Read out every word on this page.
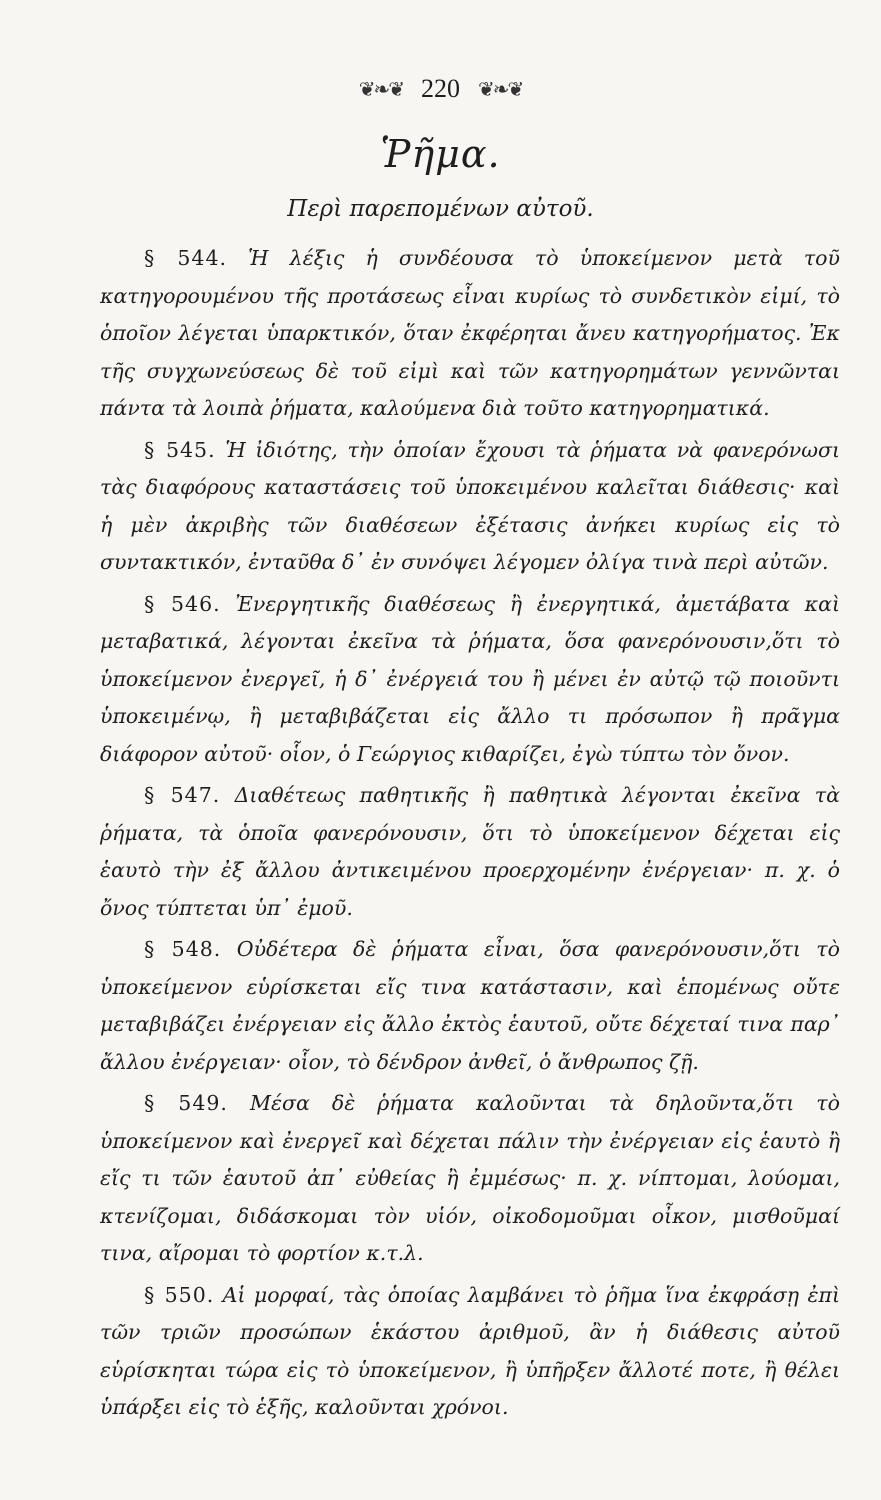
❦❧❦ 220 ❦❧❦
Ῥῆμα.
Περὶ παρεπομένων αὐτοῦ.

§ 544. Ἡ λέξις ἡ συνδέουσα τὸ ὑποκείμενον μετὰ τοῦ κατηγορουμένου τῆς προτάσεως εἶναι κυρίως τὸ συνδετικὸν εἰμί, τὸ ὁποῖον λέγεται ὑπαρκτικόν, ὅταν ἐκφέρηται ἄνευ κατηγορήματος. Ἐκ τῆς συγχωνεύσεως δὲ τοῦ εἰμὶ καὶ τῶν κατηγορημάτων γεννῶνται πάντα τὰ λοιπὰ ῥήματα, καλούμενα διὰ τοῦτο κατηγορηματικά.

§ 545. Ἡ ἰδιότης, τὴν ὁποίαν ἔχουσι τὰ ῥήματα νὰ φανερόνωσι τὰς διαφόρους καταστάσεις τοῦ ὑποκειμένου καλεῖται διάθεσις· καὶ ἡ μὲν ἀκριβὴς τῶν διαθέσεων ἐξέτασις ἀνήκει κυρίως εἰς τὸ συντακτικόν, ἐνταῦθα δ᾽ ἐν συνόψει λέγομεν ὀλίγα τινὰ περὶ αὐτῶν.

§ 546. Ἐνεργητικῆς διαθέσεως ἢ ἐνεργητικά, ἀμετάβατα καὶ μεταβατικά, λέγονται ἐκεῖνα τὰ ῥήματα, ὅσα φανερόνουσιν,ὅτι τὸ ὑποκείμενον ἐνεργεῖ, ἡ δ᾽ ἐνέργειά του ἢ μένει ἐν αὐτῷ τῷ ποιοῦντι ὑποκειμένῳ, ἢ μεταβιβάζεται εἰς ἄλλο τι πρόσωπον ἢ πρᾶγμα διάφορον αὐτοῦ· οἷον, ὁ Γεώργιος κιθαρίζει, ἐγὼ τύπτω τὸν ὄνον.

§ 547. Διαθέτεως παθητικῆς ἢ παθητικὰ λέγονται ἐκεῖνα τὰ ῥήματα, τὰ ὁποῖα φανερόνουσιν, ὅτι τὸ ὑποκείμενον δέχεται εἰς ἑαυτὸ τὴν ἐξ ἄλλου ἀντικειμένου προερχομένην ἐνέργειαν· π. χ. ὁ ὄνος τύπτεται ὑπ᾽ ἐμοῦ.

§ 548. Οὐδέτερα δὲ ῥήματα εἶναι, ὅσα φανερόνουσιν,ὅτι τὸ ὑποκείμενον εὑρίσκεται εἴς τινα κατάστασιν, καὶ ἑπομένως οὔτε μεταβιβάζει ἐνέργειαν εἰς ἄλλο ἐκτὸς ἑαυτοῦ, οὔτε δέχεταί τινα παρ᾽ ἄλλου ἐνέργειαν· οἷον, τὸ δένδρον ἀνθεῖ, ὁ ἄνθρωπος ζῇ.

§ 549. Μέσα δὲ ῥήματα καλοῦνται τὰ δηλοῦντα,ὅτι τὸ ὑποκείμενον καὶ ἐνεργεῖ καὶ δέχεται πάλιν τὴν ἐνέργειαν εἰς ἑαυτὸ ἢ εἴς τι τῶν ἑαυτοῦ ἀπ᾽ εὐθείας ἢ ἐμμέσως· π. χ. νίπτομαι, λούομαι, κτενίζομαι, διδάσκομαι τὸν υἱόν, οἰκοδομοῦμαι οἶκον, μισθοῦμαί τινα, αἴρομαι τὸ φορτίον κ.τ.λ.

§ 550. Αἱ μορφαί, τὰς ὁποίας λαμβάνει τὸ ῥῆμα ἵνα ἐκφράσῃ ἐπὶ τῶν τριῶν προσώπων ἑκάστου ἀριθμοῦ, ἂν ἡ διάθεσις αὐτοῦ εὑρίσκηται τώρα εἰς τὸ ὑποκείμενον, ἢ ὑπῆρξεν ἄλλοτέ ποτε, ἢ θέλει ὑπάρξει εἰς τὸ ἑξῆς, καλοῦνται χρόνοι.
